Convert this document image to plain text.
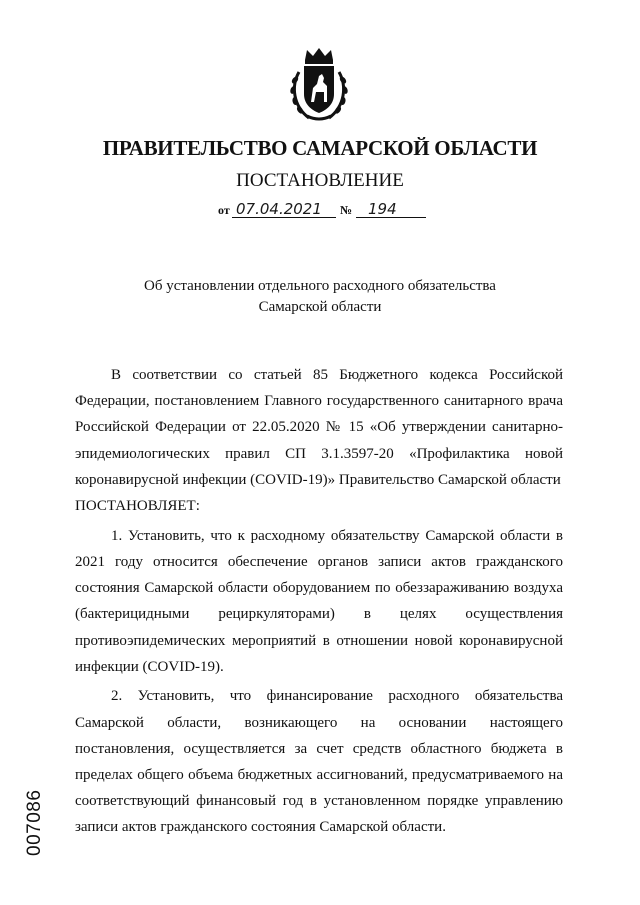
ПРАВИТЕЛЬСТВО САМАРСКОЙ ОБЛАСТИ
ПОСТАНОВЛЕНИЕ
от 07.04.2021 № 194
Об установлении отдельного расходного обязательства
Самарской области

В соответствии со статьей 85 Бюджетного кодекса Российской Федерации, постановлением Главного государственного санитарного врача Российской Федерации от 22.05.2020 № 15 «Об утверждении санитарно-эпидемиологических правил СП 3.1.3597-20 «Профилактика новой коронавирусной инфекции (COVID-19)» Правительство Самарской области

ПОСТАНОВЛЯЕТ:

1. Установить, что к расходному обязательству Самарской области в 2021 году относится обеспечение органов записи актов гражданского состояния Самарской области оборудованием по обеззараживанию воздуха (бактерицидными рециркуляторами) в целях осуществления противоэпидемических мероприятий в отношении новой коронавирусной инфекции (COVID-19).

2. Установить, что финансирование расходного обязательства Самарской области, возникающего на основании настоящего постановления, осуществляется за счет средств областного бюджета в пределах общего объема бюджетных ассигнований, предусматриваемого на соответствующий финансовый год в установленном порядке управлению записи актов гражданского состояния Самарской области.

007086
